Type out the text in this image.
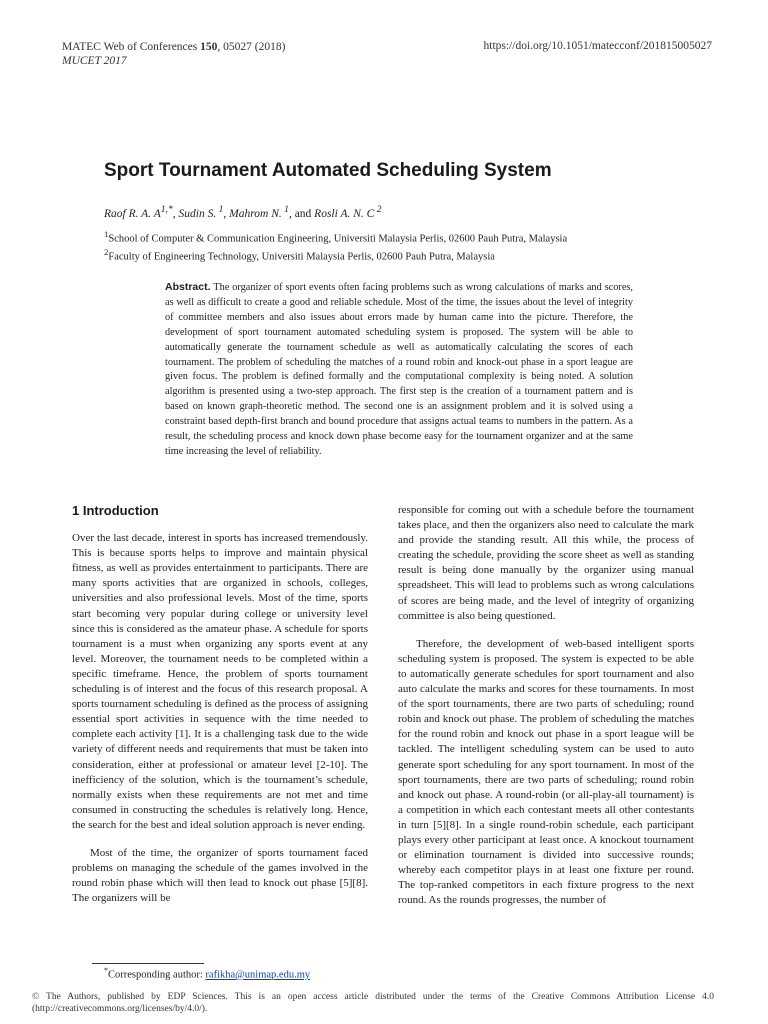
MATEC Web of Conferences 150, 05027 (2018)
MUCET 2017
https://doi.org/10.1051/matecconf/201815005027
Sport Tournament Automated Scheduling System
Raof R. A. $A^{1,*}$, Sudin S. $^1$, Mahrom N. $^1$, and Rosli A. N. C $^2$
$^1$School of Computer & Communication Engineering, Universiti Malaysia Perlis, 02600 Pauh Putra, Malaysia
$^2$Faculty of Engineering Technology, Universiti Malaysia Perlis, 02600 Pauh Putra, Malaysia

Abstract. The organizer of sport events often facing problems such as wrong calculations of marks and scores, as well as difficult to create a good and reliable schedule. Most of the time, the issues about the level of integrity of committee members and also issues about errors made by human came into the picture. Therefore, the development of sport tournament automated scheduling system is proposed. The system will be able to automatically generate the tournament schedule as well as automatically calculating the scores of each tournament. The problem of scheduling the matches of a round robin and knock-out phase in a sport league are given focus. The problem is defined formally and the computational complexity is being noted. A solution algorithm is presented using a two-step approach. The first step is the creation of a tournament pattern and is based on known graph-theoretic method. The second one is an assignment problem and it is solved using a constraint based depth-first branch and bound procedure that assigns actual teams to numbers in the pattern. As a result, the scheduling process and knock down phase become easy for the tournament organizer and at the same time increasing the level of reliability.

1 Introduction

Over the last decade, interest in sports has increased tremendously. This is because sports helps to improve and maintain physical fitness, as well as provides entertainment to participants. There are many sports activities that are organized in schools, colleges, universities and also professional levels. Most of the time, sports start becoming very popular during college or university level since this is considered as the amateur phase. A schedule for sports tournament is a must when organizing any sports event at any level. Moreover, the tournament needs to be completed within a specific timeframe. Hence, the problem of sports tournament scheduling is of interest and the focus of this research proposal. A sports tournament scheduling is defined as the process of assigning essential sport activities in sequence with the time needed to complete each activity [1]. It is a challenging task due to the wide variety of different needs and requirements that must be taken into consideration, either at professional or amateur level [2-10]. The inefficiency of the solution, which is the tournament’s schedule, normally exists when these requirements are not met and time consumed in constructing the schedules is relatively long. Hence, the search for the best and ideal solution approach is never ending.

Most of the time, the organizer of sports tournament faced problems on managing the schedule of the games involved in the round robin phase which will then lead to knock out phase [5][8]. The organizers will be

responsible for coming out with a schedule before the tournament takes place, and then the organizers also need to calculate the mark and provide the standing result. All this while, the process of creating the schedule, providing the score sheet as well as standing result is being done manually by the organizer using manual spreadsheet. This will lead to problems such as wrong calculations of scores are being made, and the level of integrity of organizing committee is also being questioned.

Therefore, the development of web-based intelligent sports scheduling system is proposed. The system is expected to be able to automatically generate schedules for sport tournament and also auto calculate the marks and scores for these tournaments. In most of the sport tournaments, there are two parts of scheduling; round robin and knock out phase. The problem of scheduling the matches for the round robin and knock out phase in a sport league will be tackled. The intelligent scheduling system can be used to auto generate sport scheduling for any sport tournament. In most of the sport tournaments, there are two parts of scheduling; round robin and knock out phase. A round-robin (or all-play-all tournament) is a competition in which each contestant meets all other contestants in turn [5][8]. In a single round-robin schedule, each participant plays every other participant at least once. A knockout tournament or elimination tournament is divided into successive rounds; whereby each competitor plays in at least one fixture per round. The top-ranked competitors in each fixture progress to the next round. As the rounds progresses, the number of

*Corresponding author: rafikha@unimap.edu.my

© The Authors, published by EDP Sciences. This is an open access article distributed under the terms of the Creative Commons Attribution License 4.0 (http://creativecommons.org/licenses/by/4.0/).
